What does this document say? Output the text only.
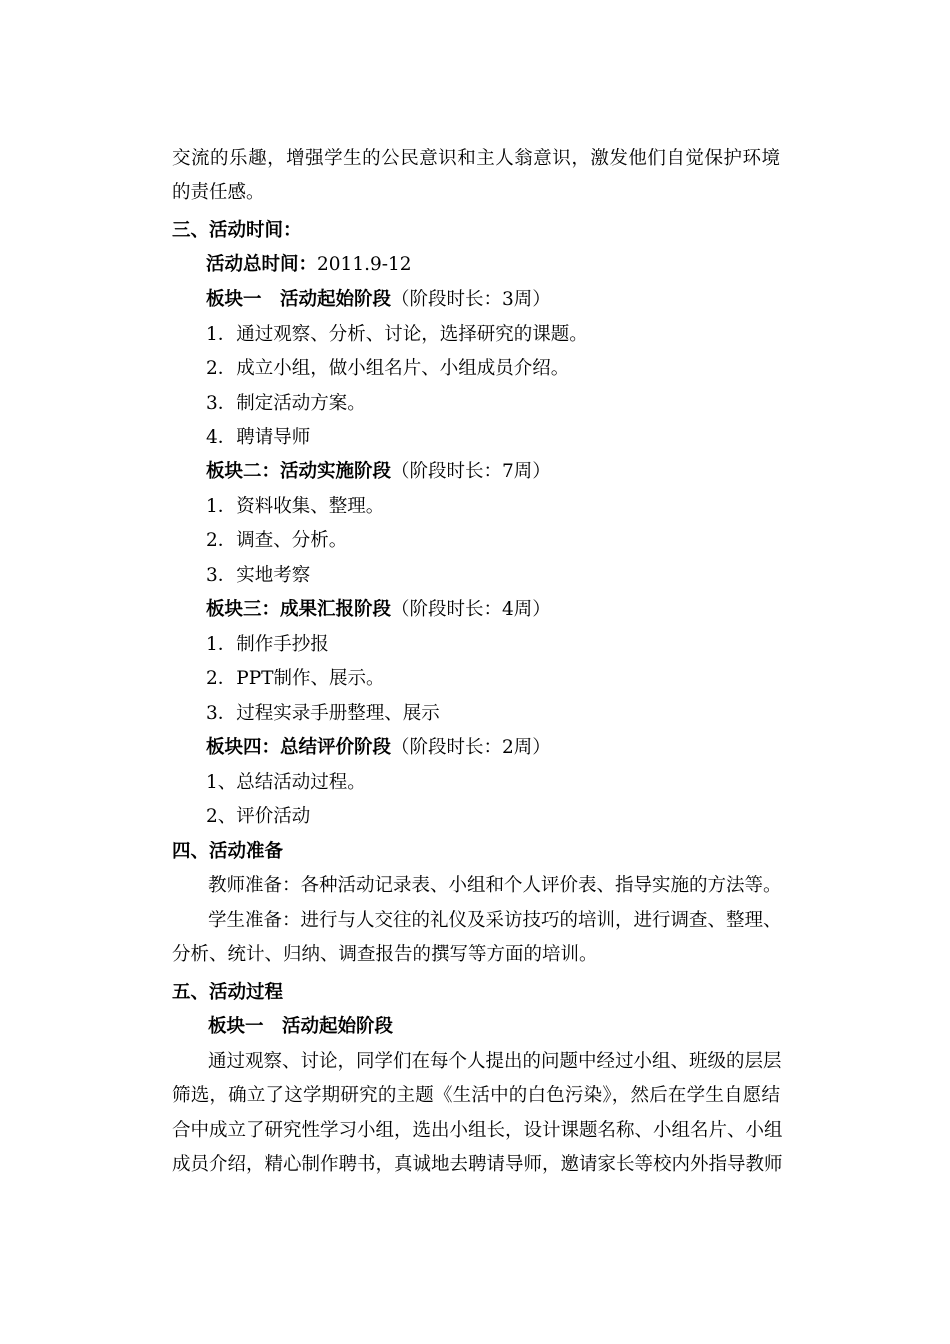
交流的乐趣，增强学生的公民意识和主人翁意识，激发他们自觉保护环境
的责任感。
三、活动时间：
活动总时间：2011.9-12
板块一　活动起始阶段（阶段时长：3周）
1．通过观察、分析、讨论，选择研究的课题。
2．成立小组，做小组名片、小组成员介绍。
3．制定活动方案。
4．聘请导师
板块二：活动实施阶段（阶段时长：7周）
1．资料收集、整理。
2．调查、分析。
3．实地考察
板块三：成果汇报阶段（阶段时长：4周）
1．制作手抄报
2．PPT制作、展示。
3．过程实录手册整理、展示
板块四：总结评价阶段（阶段时长：2周）
1、总结活动过程。
2、评价活动
四、活动准备
教师准备：各种活动记录表、小组和个人评价表、指导实施的方法等。
学生准备：进行与人交往的礼仪及采访技巧的培训，进行调查、整理、
分析、统计、归纳、调查报告的撰写等方面的培训。
五、活动过程
板块一　活动起始阶段
通过观察、讨论，同学们在每个人提出的问题中经过小组、班级的层层
筛选，确立了这学期研究的主题《生活中的白色污染》，然后在学生自愿结
合中成立了研究性学习小组，选出小组长，设计课题名称、小组名片、小组
成员介绍，精心制作聘书，真诚地去聘请导师，邀请家长等校内外指导教师
